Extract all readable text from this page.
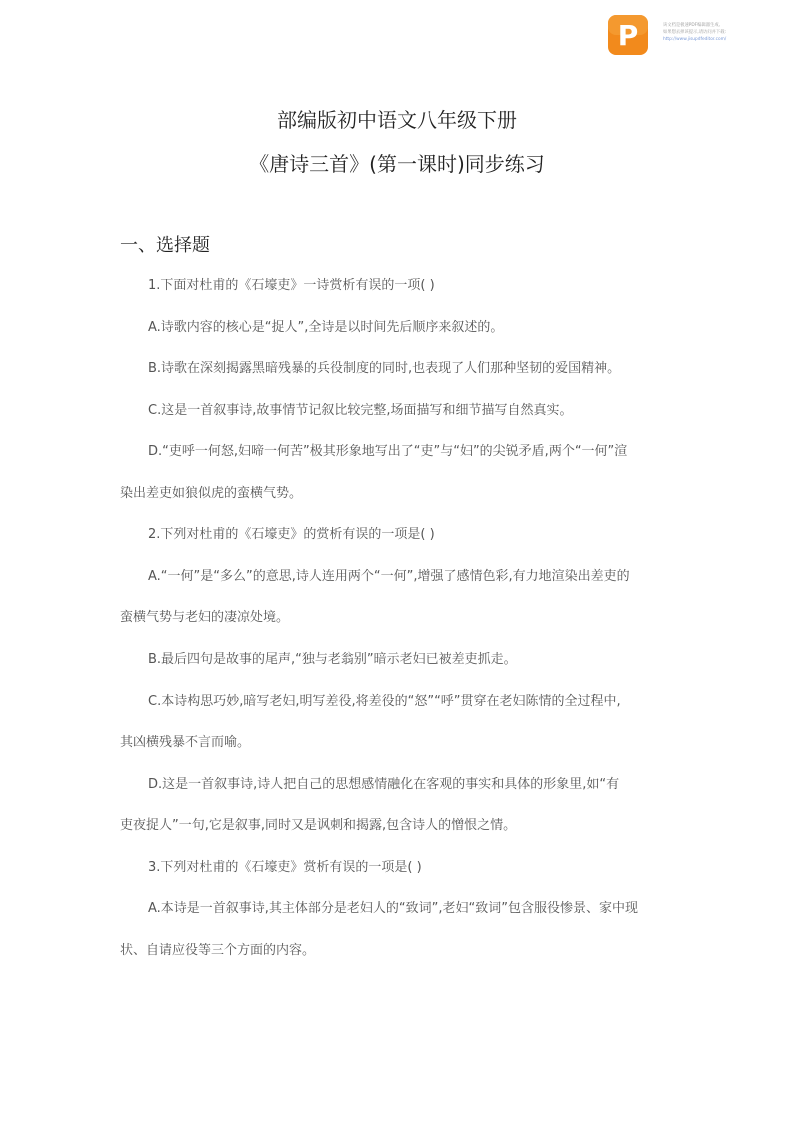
P	该文档是极速PDF编辑器生成,
如果想去掉该提示,请访问并下载:
http://www.jisupdfeditor.com/
部编版初中语文八年级下册
《唐诗三首》(第一课时)同步练习
一、选择题

1.下面对杜甫的《石壕吏》一诗赏析有误的一项( )

A.诗歌内容的核心是“捉人”,全诗是以时间先后顺序来叙述的。

B.诗歌在深刻揭露黑暗残暴的兵役制度的同时,也表现了人们那种坚韧的爱国精神。

C.这是一首叙事诗,故事情节记叙比较完整,场面描写和细节描写自然真实。

D.“吏呼一何怒,妇啼一何苦”极其形象地写出了“吏”与“妇”的尖锐矛盾,两个“一何”渲

染出差吏如狼似虎的蛮横气势。

2.下列对杜甫的《石壕吏》的赏析有误的一项是( )

A.“一何”是“多么”的意思,诗人连用两个“一何”,增强了感情色彩,有力地渲染出差吏的

蛮横气势与老妇的凄凉处境。

B.最后四句是故事的尾声,“独与老翁别”暗示老妇已被差吏抓走。

C.本诗构思巧妙,暗写老妇,明写差役,将差役的“怒”“呼”贯穿在老妇陈情的全过程中,

其凶横残暴不言而喻。

D.这是一首叙事诗,诗人把自己的思想感情融化在客观的事实和具体的形象里,如“有

吏夜捉人”一句,它是叙事,同时又是讽刺和揭露,包含诗人的憎恨之情。

3.下列对杜甫的《石壕吏》赏析有误的一项是( )

A.本诗是一首叙事诗,其主体部分是老妇人的“致词”,老妇“致词”包含服役惨景、家中现

状、自请应役等三个方面的内容。
